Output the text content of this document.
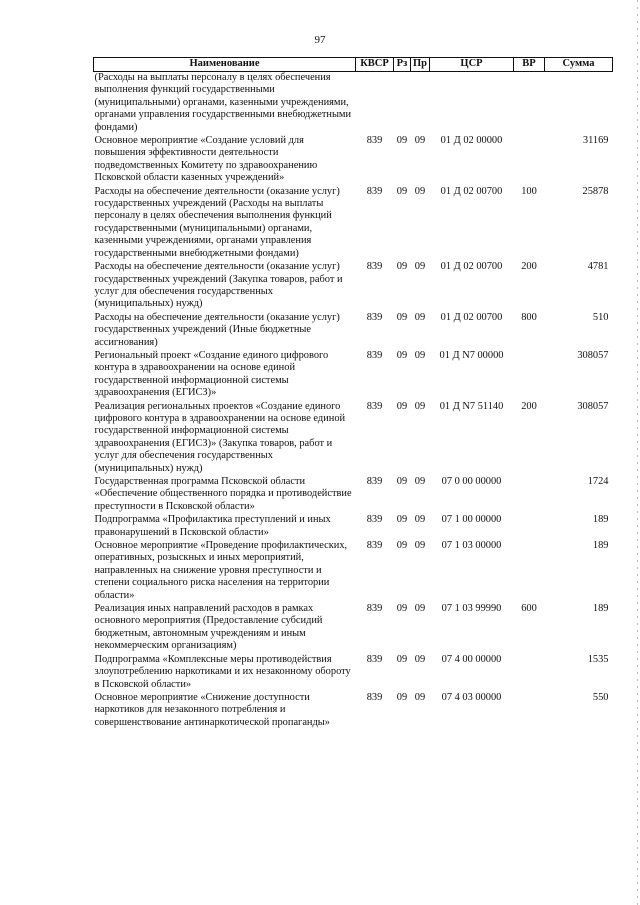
97
Наименование	КВСР	Рз	Пр	ЦСР	ВР	Сумма
(Расходы на выплаты персоналу в целях обеспечения выполнения функций государственными (муниципальными) органами, казенными учреждениями, органами управления государственными внебюджетными фондами)						
Основное мероприятие «Создание условий для повышения эффективности деятельности подведомственных Комитету по здравоохранению Псковской области казенных учреждений»	839	09	09	01 Д 02 00000		31169
Расходы на обеспечение деятельности (оказание услуг) государственных учреждений (Расходы на выплаты персоналу в целях обеспечения выполнения функций государственными (муниципальными) органами, казенными учреждениями, органами управления государственными внебюджетными фондами)	839	09	09	01 Д 02 00700	100	25878
Расходы на обеспечение деятельности (оказание услуг) государственных учреждений (Закупка товаров, работ и услуг для обеспечения государственных (муниципальных) нужд)	839	09	09	01 Д 02 00700	200	4781
Расходы на обеспечение деятельности (оказание услуг) государственных учреждений (Иные бюджетные ассигнования)	839	09	09	01 Д 02 00700	800	510
Региональный проект «Создание единого цифрового контура в здравоохранении на основе единой государственной информационной системы здравоохранения (ЕГИСЗ)»	839	09	09	01 Д N7 00000		308057
Реализация региональных проектов «Создание единого цифрового контура в здравоохранении на основе единой государственной информационной системы здравоохранения (ЕГИСЗ)» (Закупка товаров, работ и услуг для обеспечения государственных (муниципальных) нужд)	839	09	09	01 Д N7 51140	200	308057
Государственная программа Псковской области «Обеспечение общественного порядка и противодействие преступности в Псковской области»	839	09	09	07 0 00 00000		1724
Подпрограмма «Профилактика преступлений и иных правонарушений в Псковской области»	839	09	09	07 1 00 00000		189
Основное мероприятие «Проведение профилактических, оперативных, розыскных и иных мероприятий, направленных на снижение уровня преступности и степени социального риска населения на территории области»	839	09	09	07 1 03 00000		189
Реализация иных направлений расходов в рамках основного мероприятия (Предоставление субсидий бюджетным, автономным учреждениям и иным некоммерческим организациям)	839	09	09	07 1 03 99990	600	189
Подпрограмма «Комплексные меры противодействия злоупотреблению наркотиками и их незаконному обороту в Псковской области»	839	09	09	07 4 00 00000		1535
Основное мероприятие «Снижение доступности наркотиков для незаконного потребления и совершенствование антинаркотической пропаганды»	839	09	09	07 4 03 00000		550
